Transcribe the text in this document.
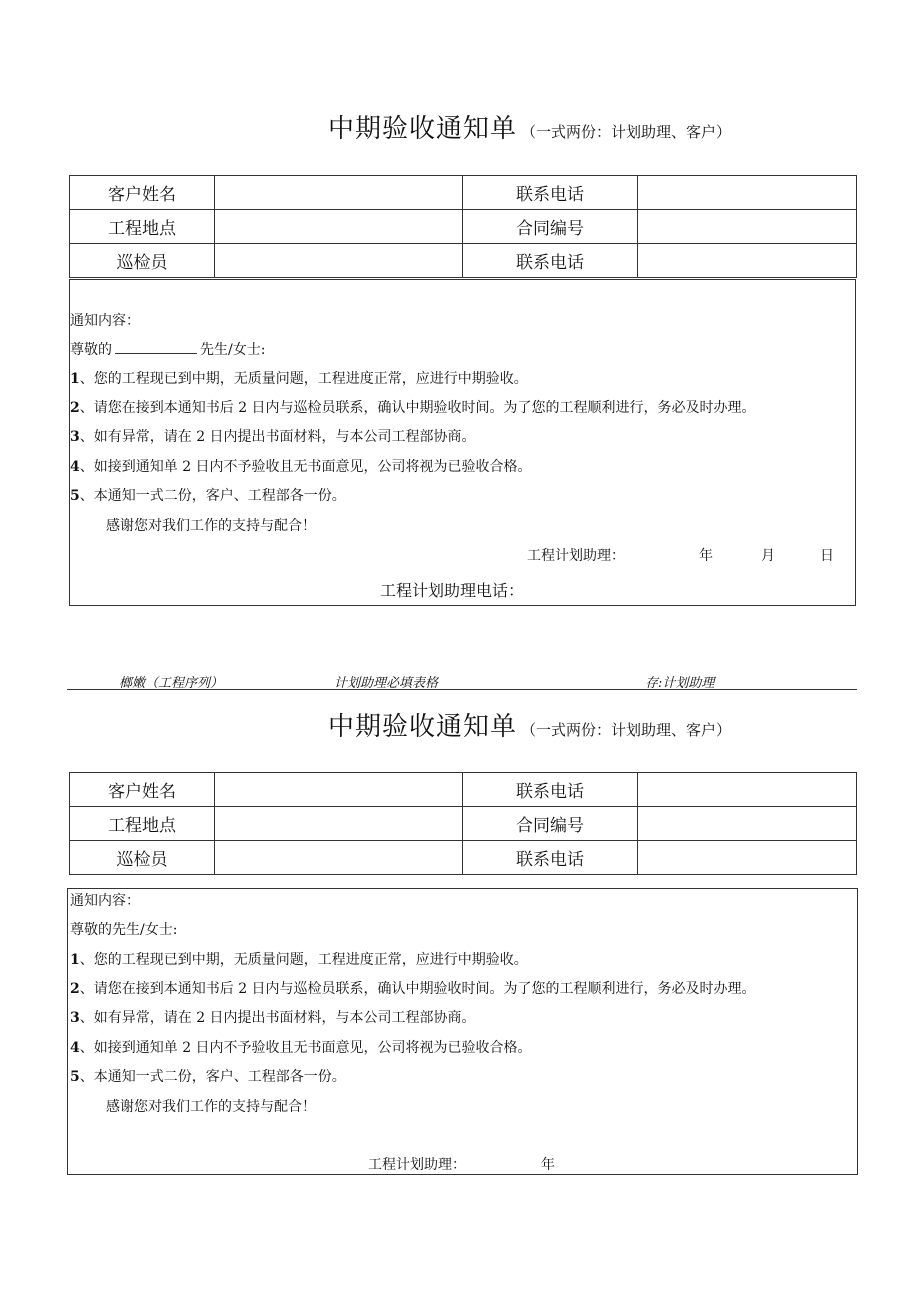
中期验收通知单 （一式两份：计划助理、客户）
客户姓名		联系电话	
工程地点		合同编号	
巡检员		联系电话	
通知内容：
尊敬的	先生/女士:
1、您的工程现已到中期，无质量问题，工程进度正常，应进行中期验收。
2、请您在接到本通知书后 2 日内与巡检员联系，确认中期验收时间。为了您的工程顺利进行，务必及时办理。
3、如有异常，请在 2 日内提出书面材料，与本公司工程部协商。
4、如接到通知单 2 日内不予验收且无书面意见，公司将视为已验收合格。
5、本通知一式二份，客户、工程部各一份。
感谢您对我们工作的支持与配合！
工程计划助理：	年	月	日
工程计划助理电话：
榔嫩（工程序列）	计划助理必填表格	存:计划助理
中期验收通知单 （一式两份：计划助理、客户）
客户姓名		联系电话	
工程地点		合同编号	
巡检员		联系电话	
通知内容：
尊敬的先生/女士:
1、您的工程现已到中期，无质量问题，工程进度正常，应进行中期验收。
2、请您在接到本通知书后 2 日内与巡检员联系，确认中期验收时间。为了您的工程顺利进行，务必及时办理。
3、如有异常，请在 2 日内提出书面材料，与本公司工程部协商。
4、如接到通知单 2 日内不予验收且无书面意见，公司将视为已验收合格。
5、本通知一式二份，客户、工程部各一份。
感谢您对我们工作的支持与配合！
工程计划助理：	年
